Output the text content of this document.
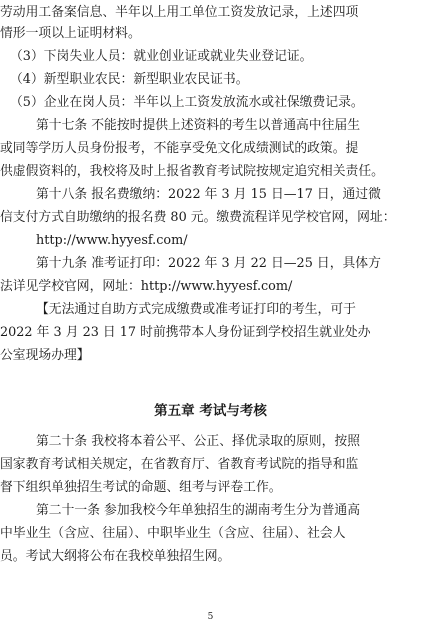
劳动用工备案信息、半年以上用工单位工资发放记录，上述四项
情形一项以上证明材料。
（3）下岗失业人员：就业创业证或就业失业登记证。
（4）新型职业农民：新型职业农民证书。
（5）企业在岗人员：半年以上工资发放流水或社保缴费记录。
第十七条 不能按时提供上述资料的考生以普通高中往届生
或同等学历人员身份报考，不能享受免文化成绩测试的政策。提
供虚假资料的，我校将及时上报省教育考试院按规定追究相关责任。
第十八条 报名费缴纳：2022 年 3 月 15 日—17 日，通过微
信支付方式自助缴纳的报名费 80 元。缴费流程详见学校官网，网址：
http://www.hyyesf.com/
第十九条 准考证打印：2022 年 3 月 22 日—25 日，具体方
法详见学校官网，网址：http://www.hyyesf.com/
【无法通过自助方式完成缴费或准考证打印的考生，可于
2022 年 3 月 23 日 17 时前携带本人身份证到学校招生就业处办
公室现场办理】
第五章 考试与考核
第二十条 我校将本着公平、公正、择优录取的原则，按照
国家教育考试相关规定，在省教育厅、省教育考试院的指导和监
督下组织单独招生考试的命题、组考与评卷工作。
第二十一条 参加我校今年单独招生的湖南考生分为普通高
中毕业生（含应、往届）、中职毕业生（含应、往届）、社会人
员。考试大纲将公布在我校单独招生网。
5
